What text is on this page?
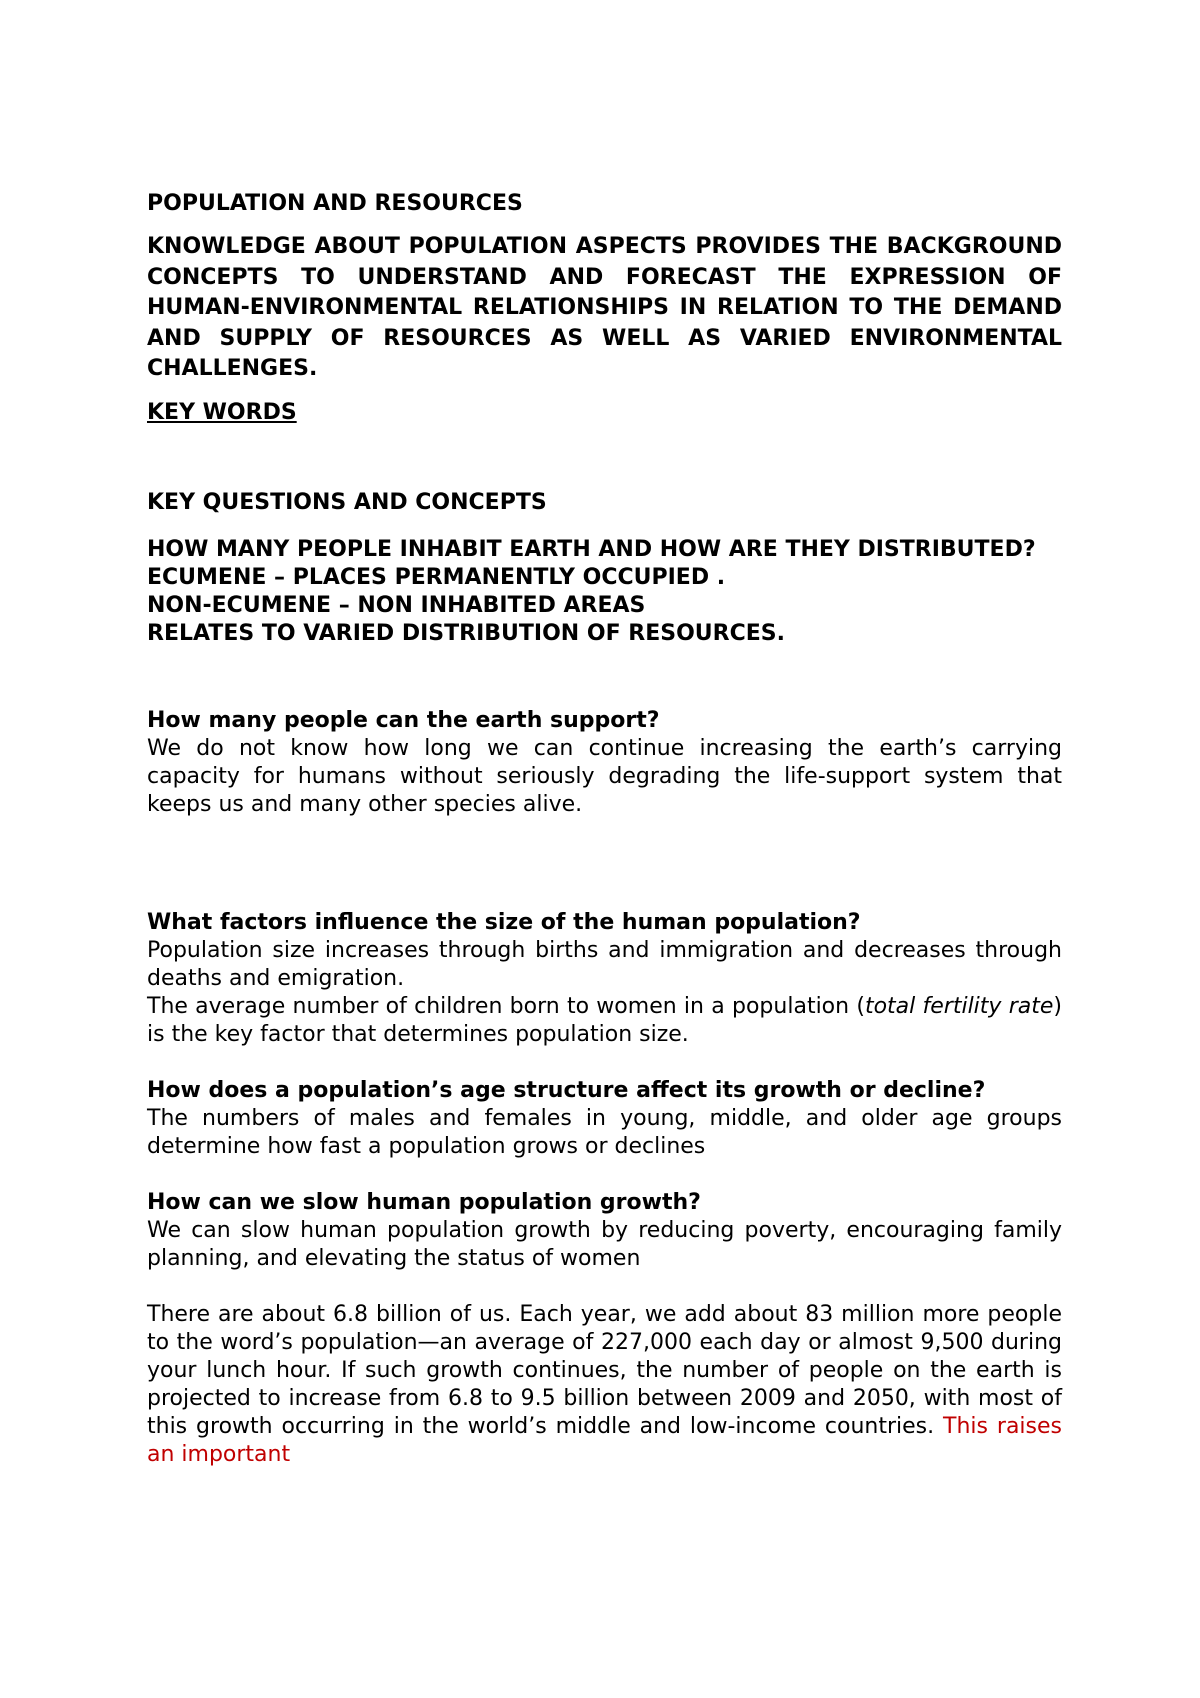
POPULATION AND RESOURCES

KNOWLEDGE ABOUT POPULATION ASPECTS PROVIDES THE BACKGROUND CONCEPTS TO UNDERSTAND AND FORECAST THE EXPRESSION OF HUMAN-ENVIRONMENTAL RELATIONSHIPS IN RELATION TO THE DEMAND AND SUPPLY OF RESOURCES AS WELL AS VARIED ENVIRONMENTAL CHALLENGES.

KEY WORDS

KEY QUESTIONS AND CONCEPTS

HOW MANY PEOPLE INHABIT EARTH AND HOW ARE THEY DISTRIBUTED?

ECUMENE – PLACES PERMANENTLY OCCUPIED .

NON-ECUMENE – NON INHABITED AREAS

RELATES TO VARIED DISTRIBUTION OF RESOURCES.

How many people can the earth support?

We do not know how long we can continue increasing the earth’s carrying capacity for humans without seriously degrading the life-support system that keeps us and many other species alive.

What factors influence the size of the human population?

Population size increases through births and immigration and decreases through deaths and emigration.

The average number of children born to women in a population (total fertility rate) is the key factor that determines population size.

How does a population’s age structure affect its growth or decline?

The numbers of males and females in young, middle, and older age groups determine how fast a population grows or declines

How can we slow human population growth?

We can slow human population growth by reducing poverty, encouraging family planning, and elevating the status of women

There are about 6.8 billion of us. Each year, we add about 83 million more people to the word’s population—an average of 227,000 each day or almost 9,500 during your lunch hour. If such growth continues, the number of people on the earth is projected to increase from 6.8 to 9.5 billion between 2009 and 2050, with most of this growth occurring in the world’s middle and low-income countries. This raises an important
